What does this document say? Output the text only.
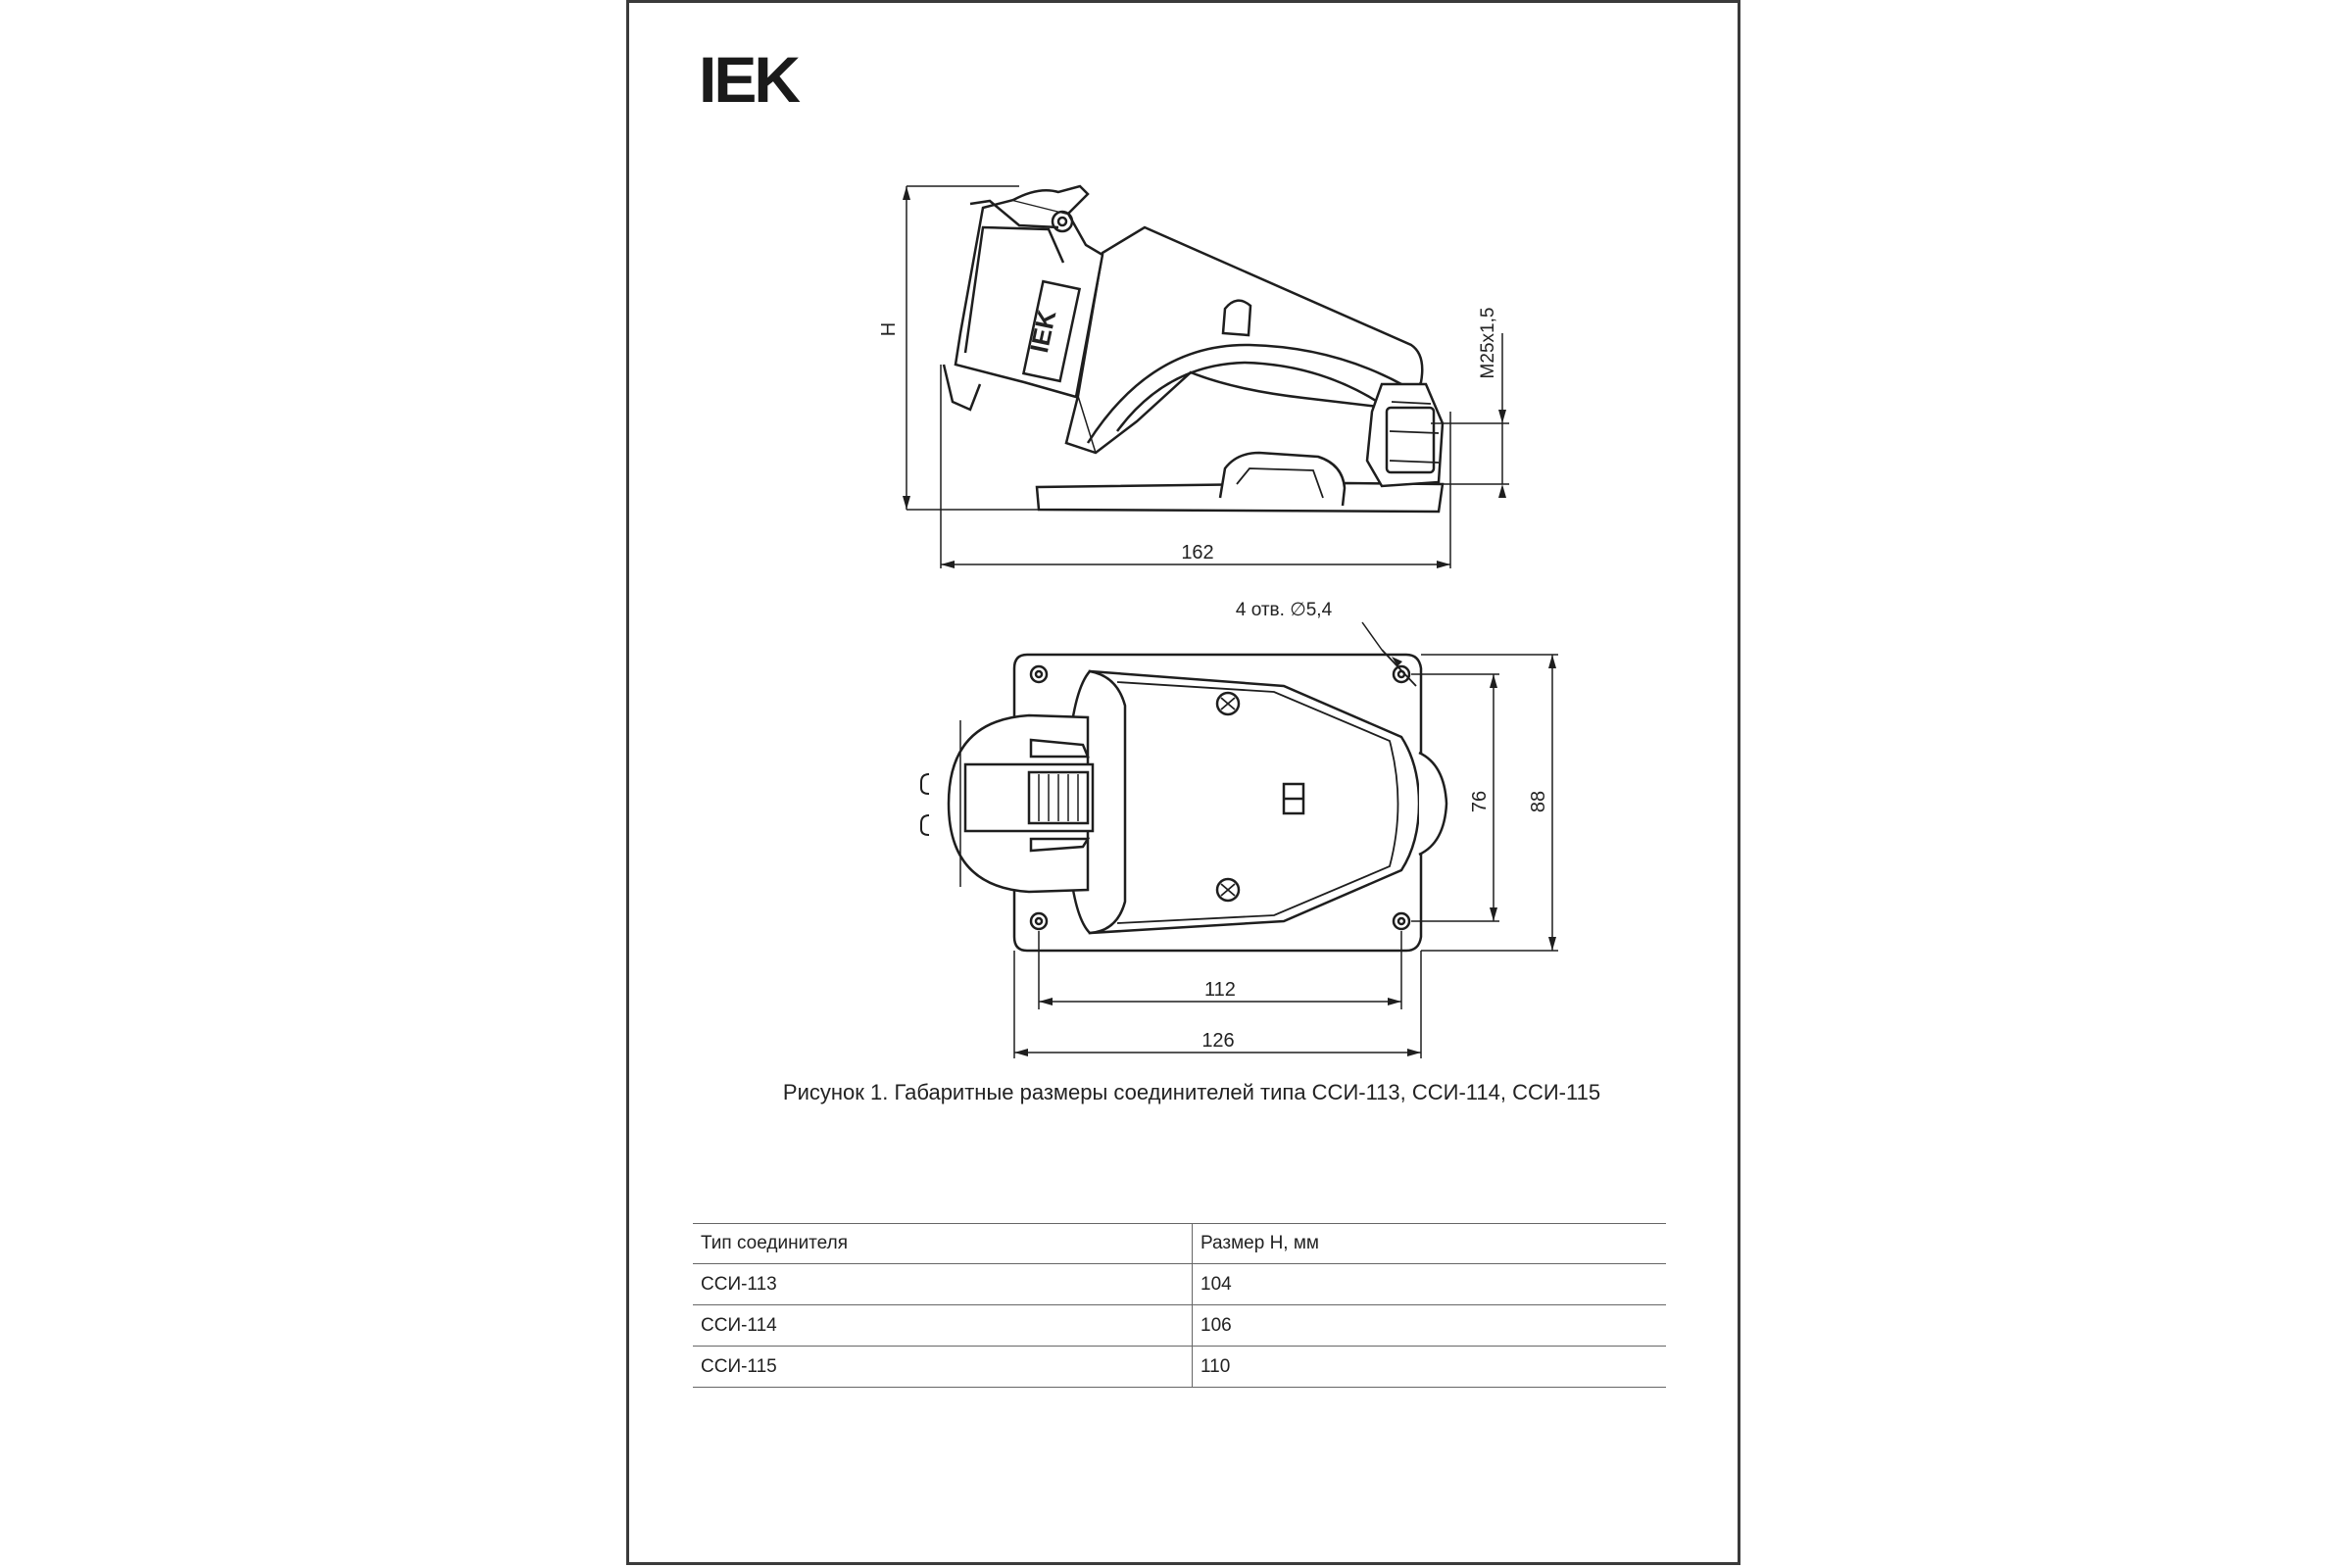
IEK
IEK
H	M25x1,5
162
4 отв. ∅5,4
76 88
112
126
Рисунок 1. Габаритные размеры соединителей типа ССИ-113, ССИ-114, ССИ-115
Тип соединителя	Размер H, мм
ССИ-113	104
ССИ-114	106
ССИ-115	110
